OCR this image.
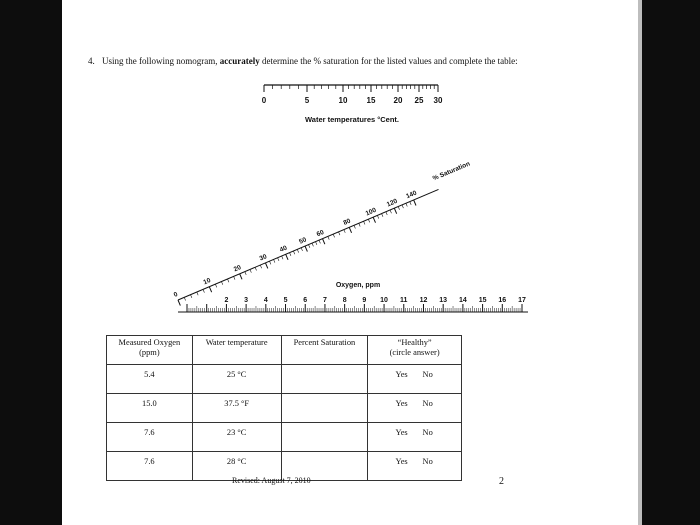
4. Using the following nomogram, accurately determine the % saturation for the listed values and complete the table:
0	5	10 15 20 25 30
Water temperatures °Cent.
0
10
20
30
40
50
60
80
100
120
140
% Saturation
2 3 4 5 6 7 8 9 10 11 12 13 14 15 16 17
Oxygen, ppm
Measured Oxygen
(ppm)	Water temperature	Percent Saturation	“Healthy”
(circle answer)
5.4	25 °C		Yes No
15.0	37.5 °F		Yes No
7.6	23 °C		Yes No
7.6	28 °C		Yes No
Revised: August 7, 2010	2
